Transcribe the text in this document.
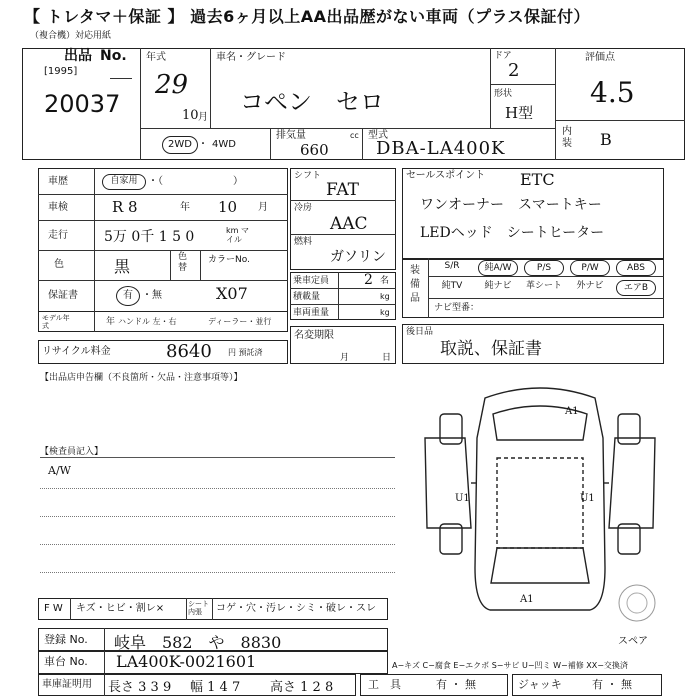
【 トレタマ＋保証 】 過去6ヶ月以上AA出品歴がない車両（プラス保証付）
（複合機）対応用紙
出品 No.
[1995]
20037
年式
29
10 月
車名・グレード
コペン　セロ
ドア
2
形状
H型
評価点
4.5
内装 B
2WD ・ 4WD
排気量	cc
660
型式
DBA-LA400K
車歴	自家用	・（　　　　　　　）
車検	R 8	年 10 月
走行	5万 0千 1 5 0	km マイル
色	黒	色替
カラーNo.
X07
保証書	有 ・無
モデル年式	年 ハンドル 左・右	ディーラー・並行
リサイクル料金	8640 円 預託済
シフト
FAT
冷房
AAC
燃料
ガソリン
乗車定員 2 名
積載量	kg
車両重量	kg
名変期限
月	日
セールスポイント ETC
ワンオーナー　スマートキー
LEDヘッド　シートヒーター
装備品
S/R	純A/W	P/S	P/W	ABS
純TV	純ナビ	革シート	外ナビ	エアB
ナビ型番：
後日品
取説、保証書
【出品店申告欄（不良箇所・欠品・注意事項等）】
【検査員記入】
A/W
A1
U1	U1
A1
スペア
F W キズ・ヒビ・割レ×	シート内張	コゲ・穴・汚レ・シミ・破レ・スレ
登録 No. 岐阜　582　や　8830
車台 No. LA400K-0021601	A−キズ C−腐食 E−エクボ S−サビ U−凹ミ W−補修 XX−交換済
車庫証明用 長さ 3 3 9 幅 1 4 7 高さ 1 2 8	工　具	有 ・ 無	ジャッキ	有 ・ 無
